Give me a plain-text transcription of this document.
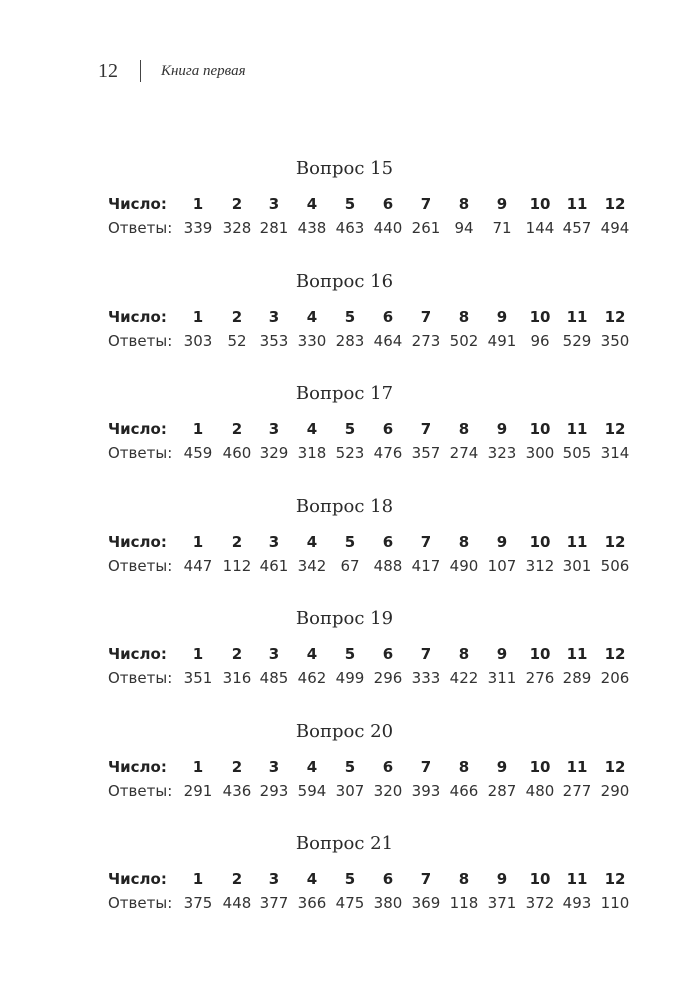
12	Книга первая
Вопрос 15
Число:	1	2	3	4	5	6	7	8	9	10	11	12
Ответы: 339 328 281 438 463 440 261 94	71 144 457 494
Вопрос 16
Число:	1	2	3	4	5	6	7	8	9	10	11	12
Ответы: 303	52 353 330 283 464 273 502 491 96 529 350
Вопрос 17
Число:	1	2	3	4	5	6	7	8	9	10	11	12
Ответы: 459 460 329 318 523 476 357 274 323 300 505 314
Вопрос 18
Число:	1	2	3	4	5	6	7	8	9	10	11	12
Ответы: 447 112 461 342 67 488 417 490 107 312 301 506
Вопрос 19
Число:	1	2	3	4	5	6	7	8	9	10	11	12
Ответы: 351 316 485 462 499 296 333 422 311 276 289 206
Вопрос 20
Число:	1	2	3	4	5	6	7	8	9	10	11	12
Ответы: 291 436 293 594 307 320 393 466 287 480 277 290
Вопрос 21
Число:	1	2	3	4	5	6	7	8	9	10	11	12
Ответы: 375 448 377 366 475 380 369 118 371 372 493 110
